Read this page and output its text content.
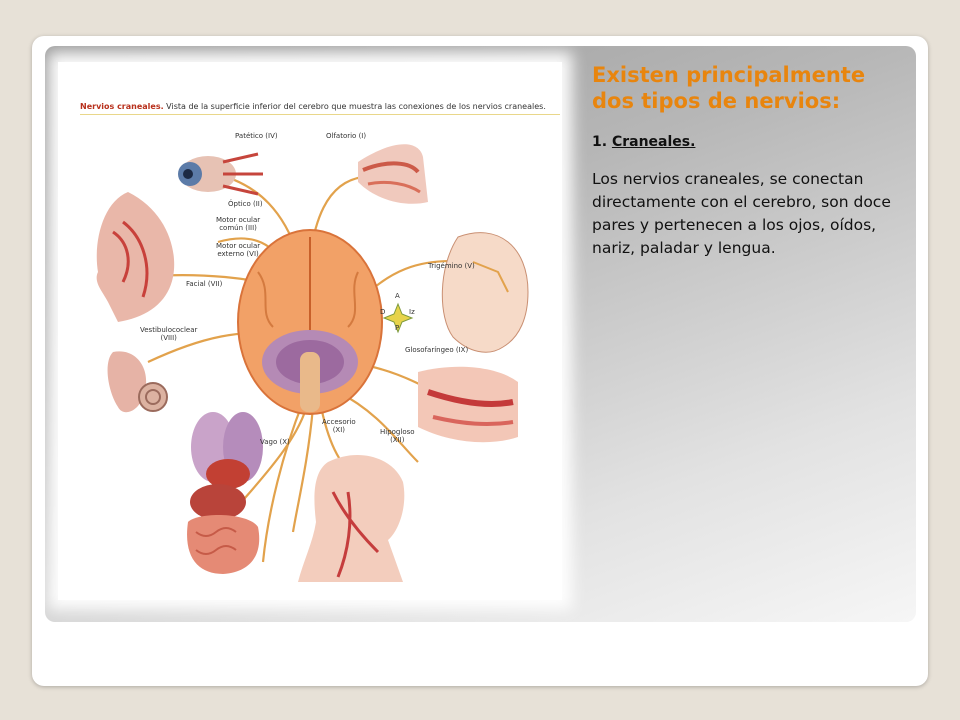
Nervios craneales. Vista de la superficie inferior del cerebro que muestra las conexiones de los nervios craneales.
Patético (IV)	Olfatorio (I)
Óptico (II)
Motor ocular
común (III)
Motor ocular
externo (VI)
Trigémino (V)
Facial (VII)
Vestibulococlear
(VIII)
Glosofaríngeo (IX)
Accesorio
(XI)	Hipogloso
(XII)
Vago (X)
A
P
D	Iz
Existen principalmente dos tipos de nervios:
1. Craneales.
Los nervios craneales, se conectan directamente con el cerebro, son doce pares y pertenecen a los ojos, oídos, nariz, paladar y lengua.
